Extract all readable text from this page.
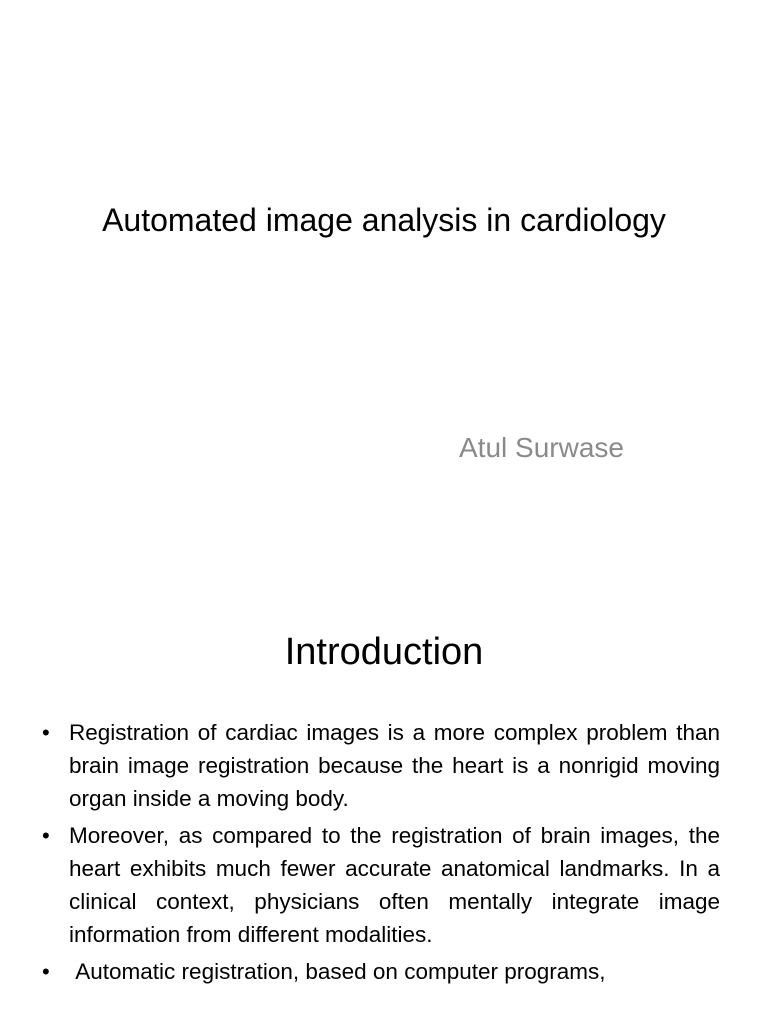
Automated image analysis in cardiology
Atul Surwase
Introduction
• Registration of cardiac images is a more complex problem than brain image registration because the heart is a nonrigid moving organ inside a moving body.
• Moreover, as compared to the registration of brain images, the heart exhibits much fewer accurate anatomical landmarks. In a clinical context, physicians often mentally integrate image information from different modalities.
• Automatic registration, based on computer programs,
